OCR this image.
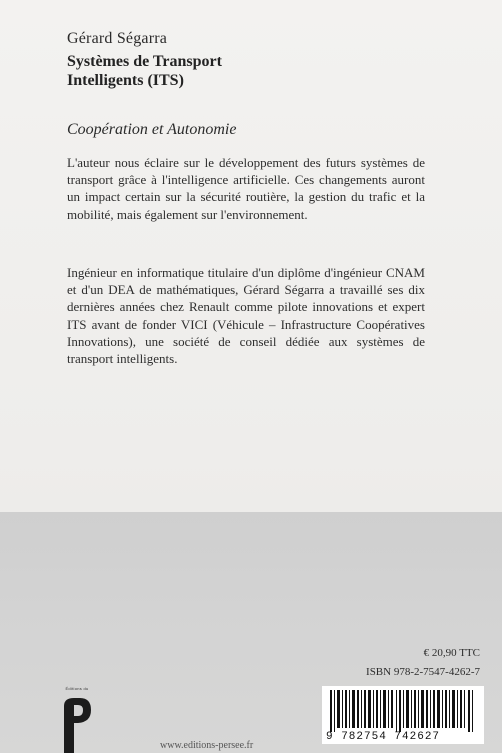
Gérard Ségarra
Systèmes de Transport
Intelligents (ITS)
Coopération et Autonomie

L'auteur nous éclaire sur le développement des futurs systèmes de transport grâce à l'intelligence artificielle. Ces changements auront un impact certain sur la sécurité routière, la gestion du trafic et la mobilité, mais également sur l'environnement.

Ingénieur en informatique titulaire d'un diplôme d'ingénieur CNAM et d'un DEA de mathématiques, Gérard Ségarra a travaillé ses dix dernières années chez Renault comme pilote innovations et expert ITS avant de fonder VICI (Véhicule – Infrastructure Coopératives Innovations), une société de conseil dédiée aux systèmes de transport intelligents.

Éditions du
€ 20,90 TTC
ISBN 978-2-7547-4262-7
9 782754 742627
www.editions-persee.fr
